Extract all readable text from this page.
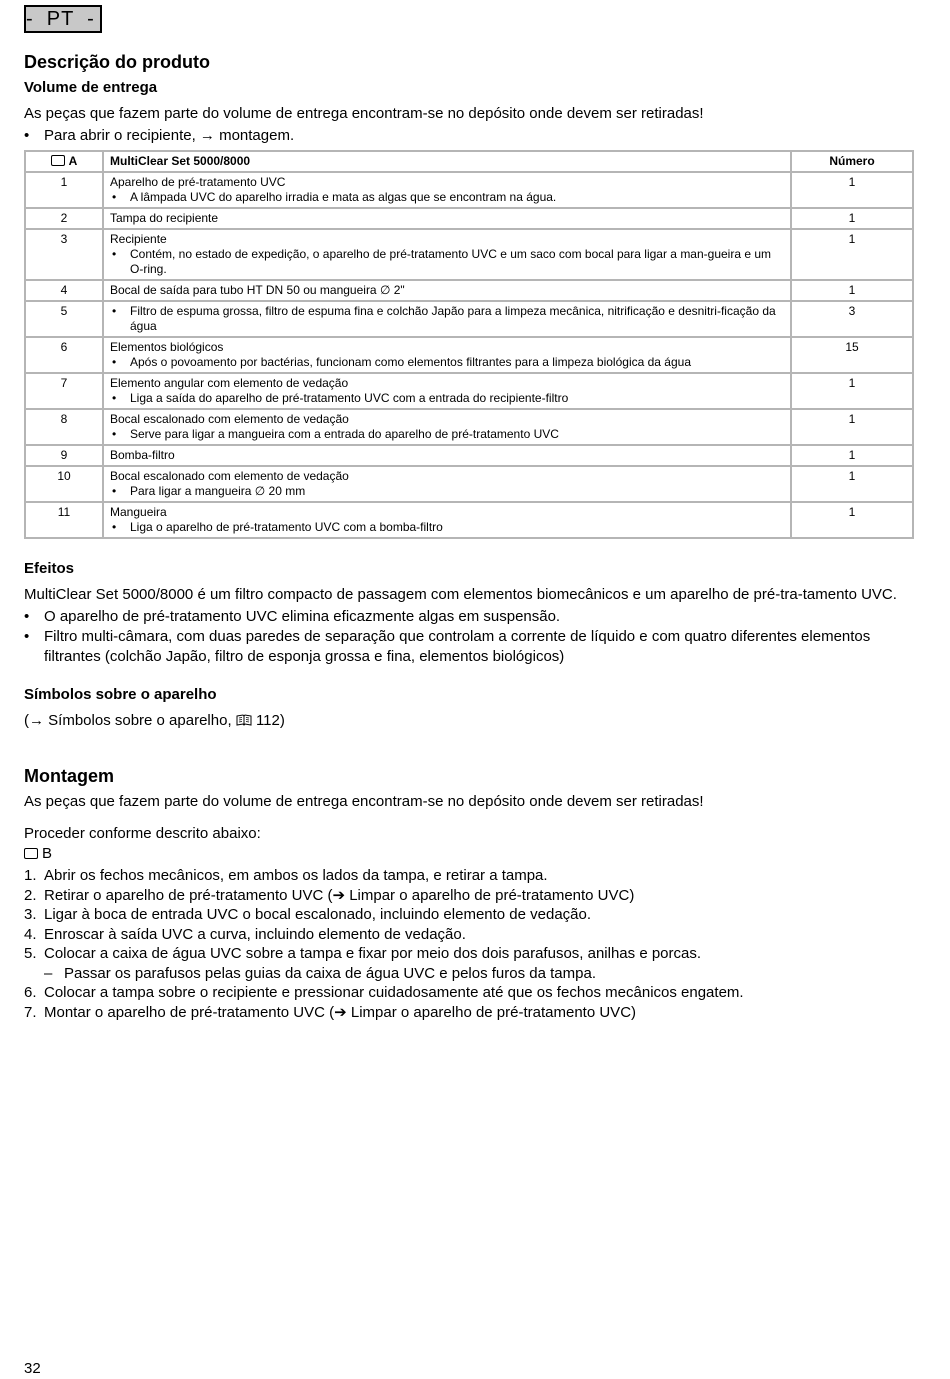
-  PT  -
Descrição do produto
Volume de entrega

As peças que fazem parte do volume de entrega encontram-se no depósito onde devem ser retiradas!

• Para abrir o recipiente, → montagem.
A	MultiClear Set 5000/8000	Número
1	Aparelho de pré-tratamento UVC
• A lâmpada UVC do aparelho irradia e mata as algas que se encontram na água.	1
2	Tampa do recipiente	1
3	Recipiente
• Contém, no estado de expedição, o aparelho de pré-tratamento UVC e um saco com bocal para ligar a man-gueira e um O-ring.	1
4	Bocal de saída para tubo HT DN 50 ou mangueira ∅ 2"	1
5	• Filtro de espuma grossa, filtro de espuma fina e colchão Japão para a limpeza mecânica, nitrificação e desnitri-ficação da água	3
6	Elementos biológicos
• Após o povoamento por bactérias, funcionam como elementos filtrantes para a limpeza biológica da água	15
7	Elemento angular com elemento de vedação
• Liga a saída do aparelho de pré-tratamento UVC com a entrada do recipiente-filtro	1
8	Bocal escalonado com elemento de vedação
• Serve para ligar a mangueira com a entrada do aparelho de pré-tratamento UVC	1
9	Bomba-filtro	1
10	Bocal escalonado com elemento de vedação
• Para ligar a mangueira ∅ 20 mm	1
11	Mangueira
• Liga o aparelho de pré-tratamento UVC com a bomba-filtro	1
Efeitos

MultiClear Set 5000/8000 é um filtro compacto de passagem com elementos biomecânicos e um aparelho de pré-tra-tamento UVC.

• O aparelho de pré-tratamento UVC elimina eficazmente algas em suspensão.
• Filtro multi-câmara, com duas paredes de separação que controlam a corrente de líquido e com quatro diferentes elementos filtrantes (colchão Japão, filtro de esponja grossa e fina, elementos biológicos)
Símbolos sobre o aparelho

(→ Símbolos sobre o aparelho, 112)

Montagem

As peças que fazem parte do volume de entrega encontram-se no depósito onde devem ser retiradas!

Proceder conforme descrito abaixo:

B

1. Abrir os fechos mecânicos, em ambos os lados da tampa, e retirar a tampa.
2. Retirar o aparelho de pré-tratamento UVC (➔ Limpar o aparelho de pré-tratamento UVC)
3. Ligar à boca de entrada UVC o bocal escalonado, incluindo elemento de vedação.
4. Enroscar à saída UVC a curva, incluindo elemento de vedação.
5. Colocar a caixa de água UVC sobre a tampa e fixar por meio dos dois parafusos, anilhas e porcas.
– Passar os parafusos pelas guias da caixa de água UVC e pelos furos da tampa.
6. Colocar a tampa sobre o recipiente e pressionar cuidadosamente até que os fechos mecânicos engatem.
7. Montar o aparelho de pré-tratamento UVC (➔ Limpar o aparelho de pré-tratamento UVC)
32
